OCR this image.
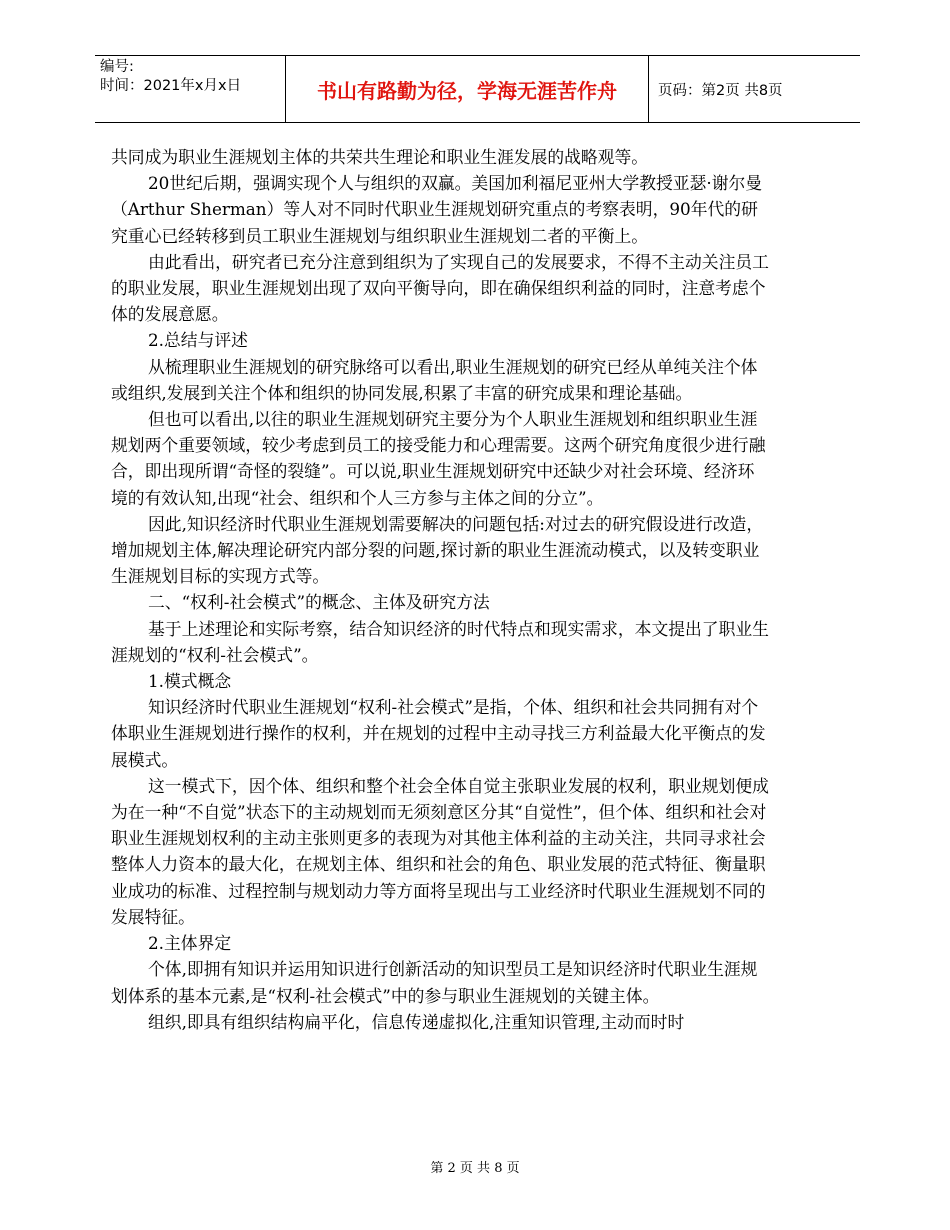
编号:
时间：2021年x月x日	书山有路勤为径，学海无涯苦作舟	页码：第2页 共8页

共同成为职业生涯规划主体的共荣共生理论和职业生涯发展的战略观等。

20世纪后期，强调实现个人与组织的双赢。美国加利福尼亚州大学教授亚瑟·谢尔曼（Arthur Sherman）等人对不同时代职业生涯规划研究重点的考察表明，90年代的研究重心已经转移到员工职业生涯规划与组织职业生涯规划二者的平衡上。

由此看出，研究者已充分注意到组织为了实现自己的发展要求，不得不主动关注员工的职业发展，职业生涯规划出现了双向平衡导向，即在确保组织利益的同时，注意考虑个体的发展意愿。

2.总结与评述

从梳理职业生涯规划的研究脉络可以看出,职业生涯规划的研究已经从单纯关注个体或组织,发展到关注个体和组织的协同发展,积累了丰富的研究成果和理论基础。

但也可以看出,以往的职业生涯规划研究主要分为个人职业生涯规划和组织职业生涯规划两个重要领域，较少考虑到员工的接受能力和心理需要。这两个研究角度很少进行融合，即出现所谓“奇怪的裂缝”。可以说,职业生涯规划研究中还缺少对社会环境、经济环境的有效认知,出现“社会、组织和个人三方参与主体之间的分立”。

因此,知识经济时代职业生涯规划需要解决的问题包括:对过去的研究假设进行改造，增加规划主体,解决理论研究内部分裂的问题,探讨新的职业生涯流动模式，以及转变职业生涯规划目标的实现方式等。

二、“权利-社会模式”的概念、主体及研究方法

基于上述理论和实际考察，结合知识经济的时代特点和现实需求，本文提出了职业生涯规划的“权利-社会模式”。

1.模式概念

知识经济时代职业生涯规划“权利-社会模式”是指，个体、组织和社会共同拥有对个体职业生涯规划进行操作的权利，并在规划的过程中主动寻找三方利益最大化平衡点的发展模式。

这一模式下，因个体、组织和整个社会全体自觉主张职业发展的权利，职业规划便成为在一种“不自觉”状态下的主动规划而无须刻意区分其“自觉性”，但个体、组织和社会对职业生涯规划权利的主动主张则更多的表现为对其他主体利益的主动关注，共同寻求社会整体人力资本的最大化，在规划主体、组织和社会的角色、职业发展的范式特征、衡量职业成功的标准、过程控制与规划动力等方面将呈现出与工业经济时代职业生涯规划不同的发展特征。

2.主体界定

个体,即拥有知识并运用知识进行创新活动的知识型员工是知识经济时代职业生涯规划体系的基本元素,是“权利-社会模式”中的参与职业生涯规划的关键主体。

组织,即具有组织结构扁平化，信息传递虚拟化,注重知识管理,主动而时时

第 2 页 共 8 页
